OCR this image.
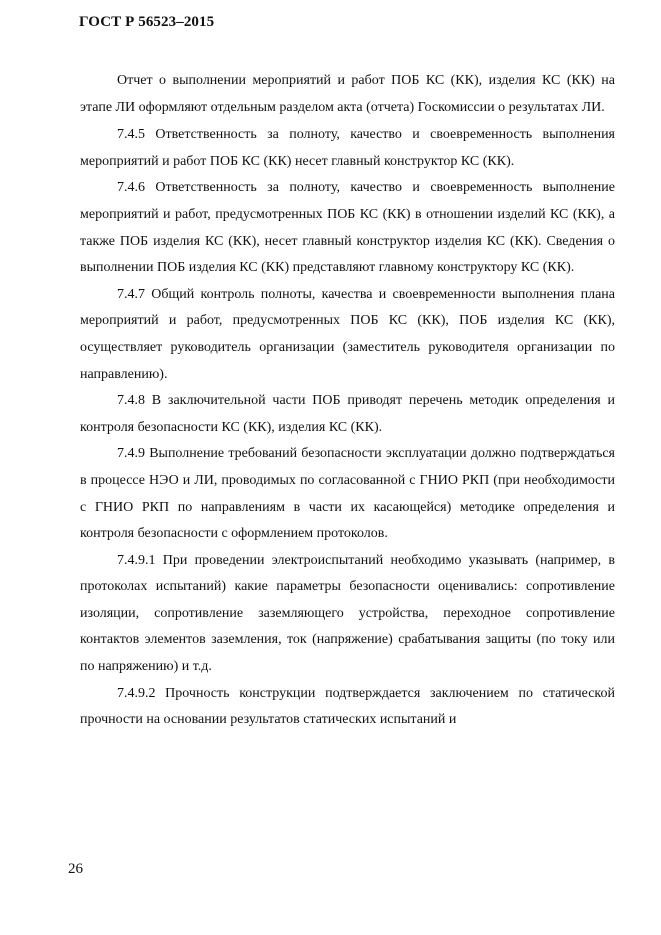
ГОСТ Р 56523–2015

Отчет о выполнении мероприятий и работ ПОБ КС (КК), изделия КС (КК) на этапе ЛИ оформляют отдельным разделом акта (отчета) Госкомиссии о результатах ЛИ.

7.4.5 Ответственность за полноту, качество и своевременность выполнения мероприятий и работ ПОБ КС (КК) несет главный конструктор КС (КК).

7.4.6 Ответственность за полноту, качество и своевременность выполнение мероприятий и работ, предусмотренных ПОБ КС (КК) в отношении изделий КС (КК), а также ПОБ изделия КС (КК), несет главный конструктор изделия КС (КК). Сведения о выполнении ПОБ изделия КС (КК) представляют главному конструктору КС (КК).

7.4.7 Общий контроль полноты, качества и своевременности выполнения плана мероприятий и работ, предусмотренных ПОБ КС (КК), ПОБ изделия КС (КК), осуществляет руководитель организации (заместитель руководителя организации по направлению).

7.4.8 В заключительной части ПОБ приводят перечень методик определения и контроля безопасности КС (КК), изделия КС (КК).

7.4.9 Выполнение требований безопасности эксплуатации должно подтверждаться в процессе НЭО и ЛИ, проводимых по согласованной с ГНИО РКП (при необходимости с ГНИО РКП по направлениям в части их касающейся) методике определения и контроля безопасности с оформлением протоколов.

7.4.9.1 При проведении электроиспытаний необходимо указывать (например, в протоколах испытаний) какие параметры безопасности оценивались: сопротивление изоляции, сопротивление заземляющего устройства, переходное сопротивление контактов элементов заземления, ток (напряжение) срабатывания защиты (по току или по напряжению) и т.д.

7.4.9.2 Прочность конструкции подтверждается заключением по статической прочности на основании результатов статических испытаний и

26
